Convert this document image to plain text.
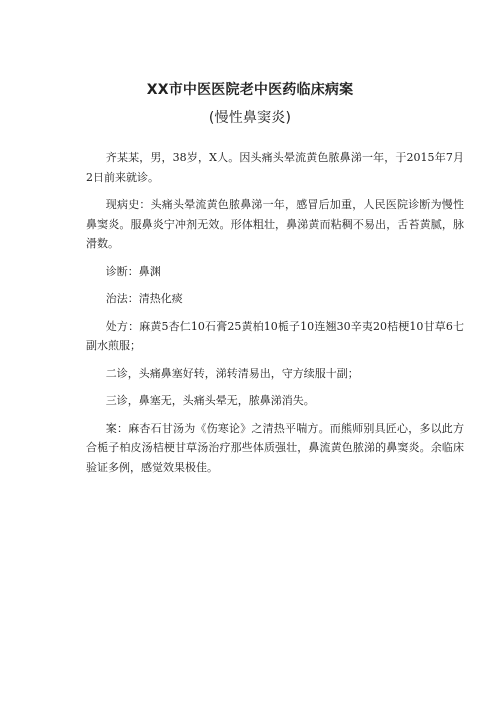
XX市中医医院老中医药临床病案
(慢性鼻窦炎)

齐某某，男，38岁，X人。因头痛头晕流黄色脓鼻涕一年，于2015年7月2日前来就诊。

现病史：头痛头晕流黄色脓鼻涕一年，感冒后加重，人民医院诊断为慢性鼻窦炎。服鼻炎宁冲剂无效。形体粗壮，鼻涕黄而粘稠不易出，舌苔黄腻，脉滑数。

诊断：鼻渊

治法：清热化痰

处方：麻黄5杏仁10石膏25黄柏10栀子10连翘30辛夷20桔梗10甘草6七副水煎服；

二诊，头痛鼻塞好转，涕转清易出，守方续服十副；

三诊，鼻塞无，头痛头晕无，脓鼻涕消失。

案：麻杏石甘汤为《伤寒论》之清热平喘方。而熊师别具匠心，多以此方合栀子柏皮汤桔梗甘草汤治疗那些体质强壮，鼻流黄色脓涕的鼻窦炎。余临床验证多例，感觉效果极佳。
